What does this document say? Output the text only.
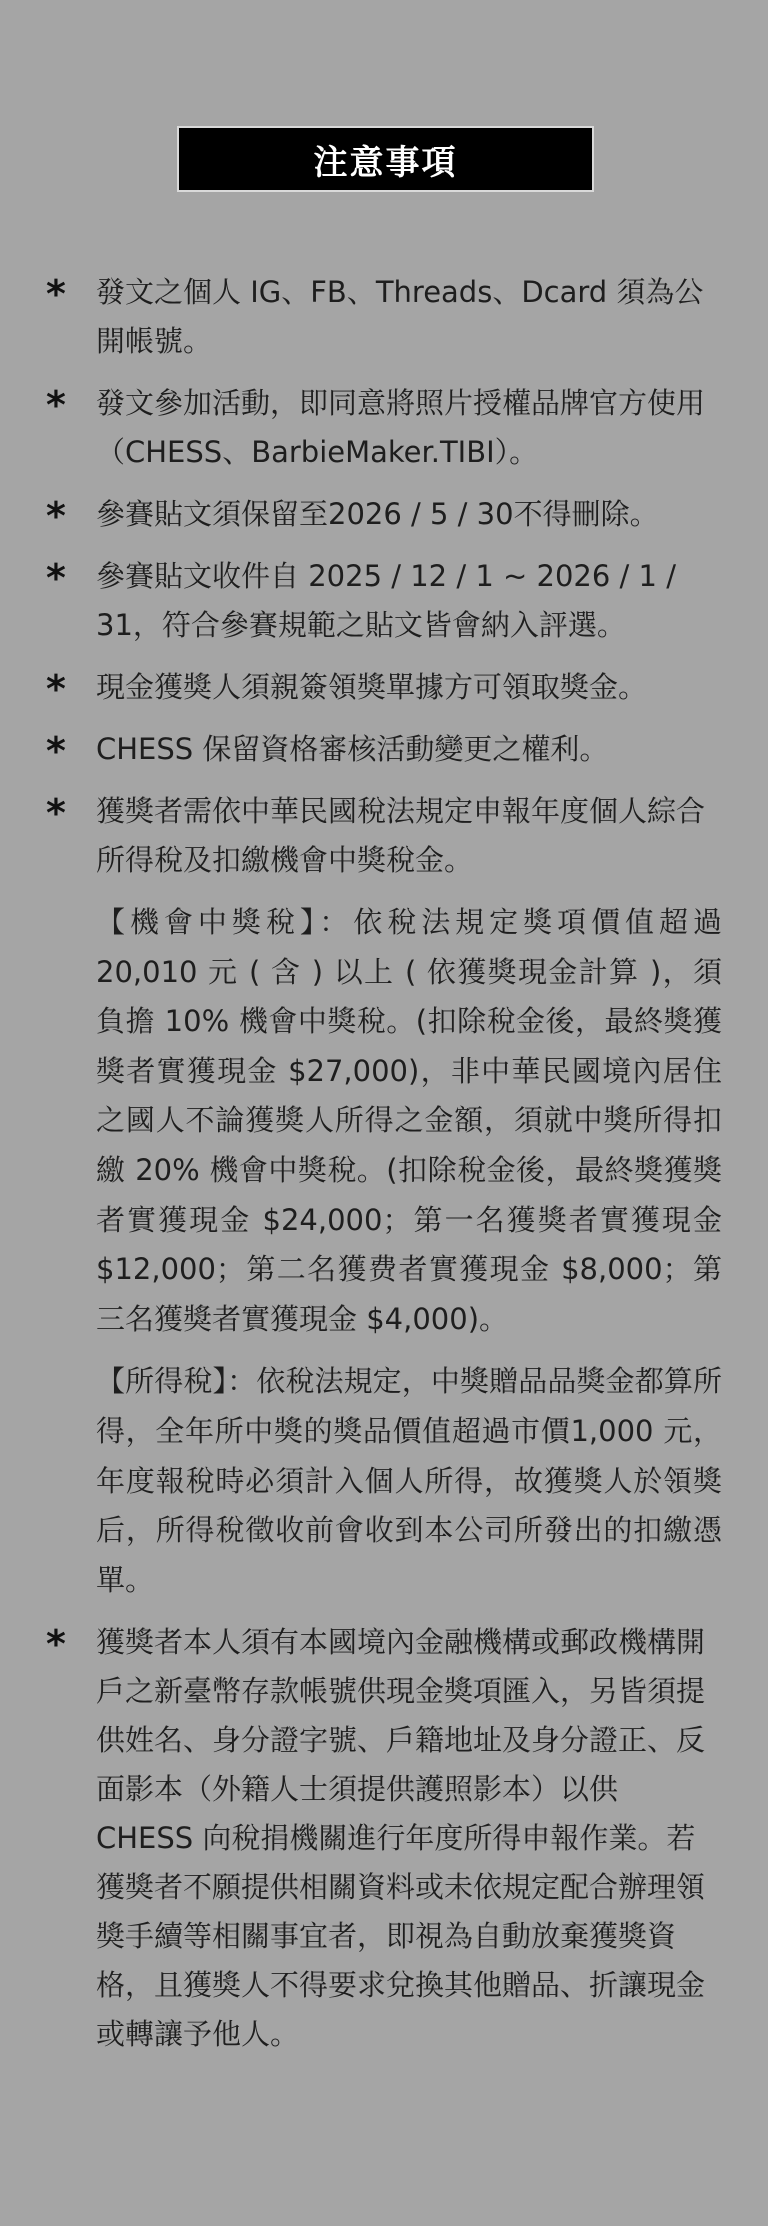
注意事項
*	發文之個人 IG、FB、Threads、Dcard 須為公開帳號。
*	發文參加活動，即同意將照片授權品牌官方使用（CHESS、BarbieMaker.TIBI）。
*	參賽貼文須保留至2026 / 5 / 30不得刪除。
*	參賽貼文收件自 2025 / 12 / 1 ~ 2026 / 1 / 31，符合參賽規範之貼文皆會納入評選。
*	現金獲獎人須親簽領獎單據方可領取獎金。
*	CHESS 保留資格審核活動變更之權利。
*	獲獎者需依中華民國稅法規定申報年度個人綜合所得稅及扣繳機會中獎稅金。
【機會中獎稅】：依稅法規定獎項價值超過20,010 元 ( 含 ) 以上 ( 依獲獎現金計算 )，須負擔 10% 機會中獎稅。(扣除稅金後，最終獎獲獎者實獲現金 $27,000)，非中華民國境內居住之國人不論獲獎人所得之金額，須就中獎所得扣繳 20% 機會中獎稅。(扣除稅金後，最終獎獲獎者實獲現金 $24,000；第一名獲獎者實獲現金 $12,000；第二名獲费者實獲現金 $8,000；第三名獲獎者實獲現金 $4,000)。
【所得稅】：依稅法規定，中獎贈品品獎金都算所得，全年所中獎的獎品價值超過市價1,000 元，年度報稅時必須計入個人所得，故獲獎人於領獎后，所得稅徵收前會收到本公司所發出的扣繳憑單。
*	獲獎者本人須有本國境內金融機構或郵政機構開戶之新臺幣存款帳號供現金獎項匯入，另皆須提供姓名、身分證字號、戶籍地址及身分證正、反面影本（外籍人士須提供護照影本）以供 CHESS 向稅捐機關進行年度所得申報作業。若獲獎者不願提供相關資料或未依規定配合辦理領獎手續等相關事宜者，即視為自動放棄獲獎資格，且獲獎人不得要求兌換其他贈品、折讓現金或轉讓予他人。
